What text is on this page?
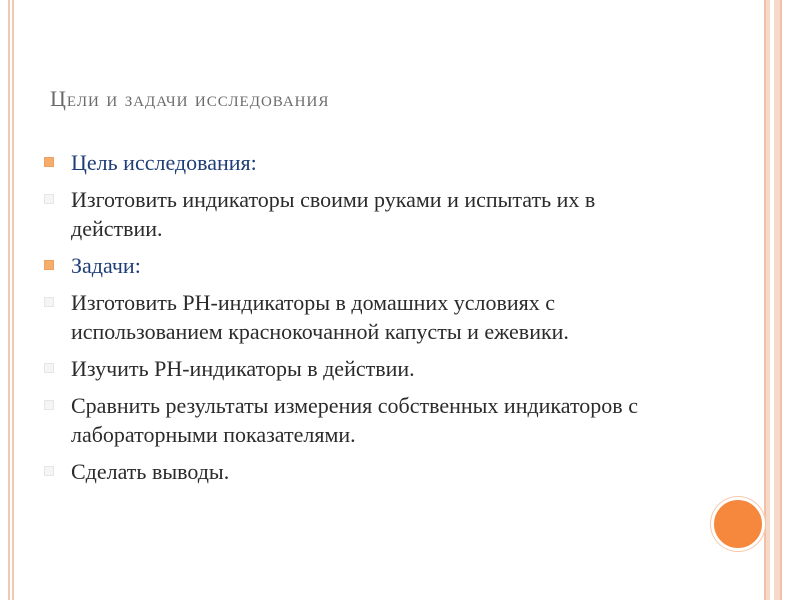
Цели и задачи исследования
Цель исследования:
Изготовить индикаторы своими руками и испытать их в действии.
Задачи:
Изготовить РН-индикаторы в домашних условиях с использованием краснокочанной капусты и ежевики.
Изучить РН-индикаторы в действии.
Сравнить результаты измерения собственных индикаторов с лабораторными показателями.
Сделать выводы.
